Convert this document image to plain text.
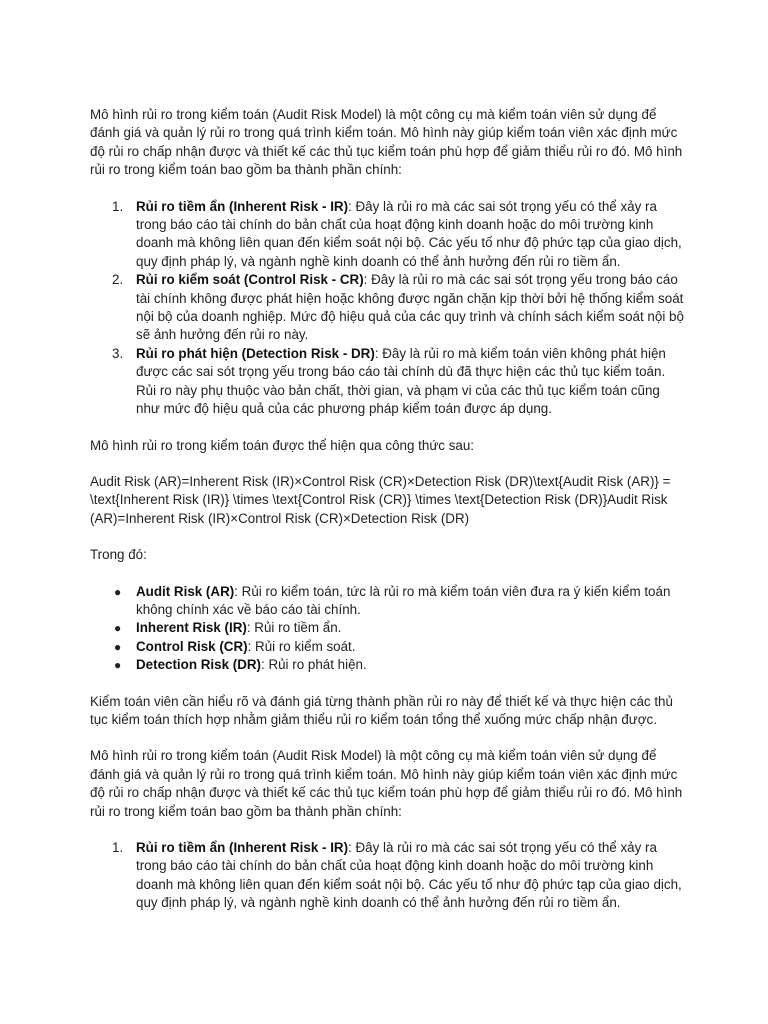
Mô hình rủi ro trong kiểm toán (Audit Risk Model) là một công cụ mà kiểm toán viên sử dụng để đánh giá và quản lý rủi ro trong quá trình kiểm toán. Mô hình này giúp kiểm toán viên xác định mức độ rủi ro chấp nhận được và thiết kế các thủ tục kiểm toán phù hợp để giảm thiểu rủi ro đó. Mô hình rủi ro trong kiểm toán bao gồm ba thành phần chính:

1. Rủi ro tiềm ẩn (Inherent Risk - IR): Đây là rủi ro mà các sai sót trọng yếu có thể xảy ra trong báo cáo tài chính do bản chất của hoạt động kinh doanh hoặc do môi trường kinh doanh mà không liên quan đến kiểm soát nội bộ. Các yếu tố như độ phức tạp của giao dịch, quy định pháp lý, và ngành nghề kinh doanh có thể ảnh hưởng đến rủi ro tiềm ẩn.
2. Rủi ro kiểm soát (Control Risk - CR): Đây là rủi ro mà các sai sót trọng yếu trong báo cáo tài chính không được phát hiện hoặc không được ngăn chặn kịp thời bởi hệ thống kiểm soát nội bộ của doanh nghiệp. Mức độ hiệu quả của các quy trình và chính sách kiểm soát nội bộ sẽ ảnh hưởng đến rủi ro này.
3. Rủi ro phát hiện (Detection Risk - DR): Đây là rủi ro mà kiểm toán viên không phát hiện được các sai sót trọng yếu trong báo cáo tài chính dù đã thực hiện các thủ tục kiểm toán. Rủi ro này phụ thuộc vào bản chất, thời gian, và phạm vi của các thủ tục kiểm toán cũng như mức độ hiệu quả của các phương pháp kiểm toán được áp dụng.

Mô hình rủi ro trong kiểm toán được thể hiện qua công thức sau:

Audit Risk (AR)=Inherent Risk (IR)×Control Risk (CR)×Detection Risk (DR)\text{Audit Risk (AR)} = \text{Inherent Risk (IR)} \times \text{Control Risk (CR)} \times \text{Detection Risk (DR)}Audit Risk (AR)=Inherent Risk (IR)×Control Risk (CR)×Detection Risk (DR)

Trong đó:

● Audit Risk (AR): Rủi ro kiểm toán, tức là rủi ro mà kiểm toán viên đưa ra ý kiến kiểm toán không chính xác về báo cáo tài chính.
● Inherent Risk (IR): Rủi ro tiềm ẩn.
● Control Risk (CR): Rủi ro kiểm soát.
● Detection Risk (DR): Rủi ro phát hiện.

Kiểm toán viên cần hiểu rõ và đánh giá từng thành phần rủi ro này để thiết kế và thực hiện các thủ tục kiểm toán thích hợp nhằm giảm thiểu rủi ro kiểm toán tổng thể xuống mức chấp nhận được.

Mô hình rủi ro trong kiểm toán (Audit Risk Model) là một công cụ mà kiểm toán viên sử dụng để đánh giá và quản lý rủi ro trong quá trình kiểm toán. Mô hình này giúp kiểm toán viên xác định mức độ rủi ro chấp nhận được và thiết kế các thủ tục kiểm toán phù hợp để giảm thiểu rủi ro đó. Mô hình rủi ro trong kiểm toán bao gồm ba thành phần chính:

1. Rủi ro tiềm ẩn (Inherent Risk - IR): Đây là rủi ro mà các sai sót trọng yếu có thể xảy ra trong báo cáo tài chính do bản chất của hoạt động kinh doanh hoặc do môi trường kinh doanh mà không liên quan đến kiểm soát nội bộ. Các yếu tố như độ phức tạp của giao dịch, quy định pháp lý, và ngành nghề kinh doanh có thể ảnh hưởng đến rủi ro tiềm ẩn.
